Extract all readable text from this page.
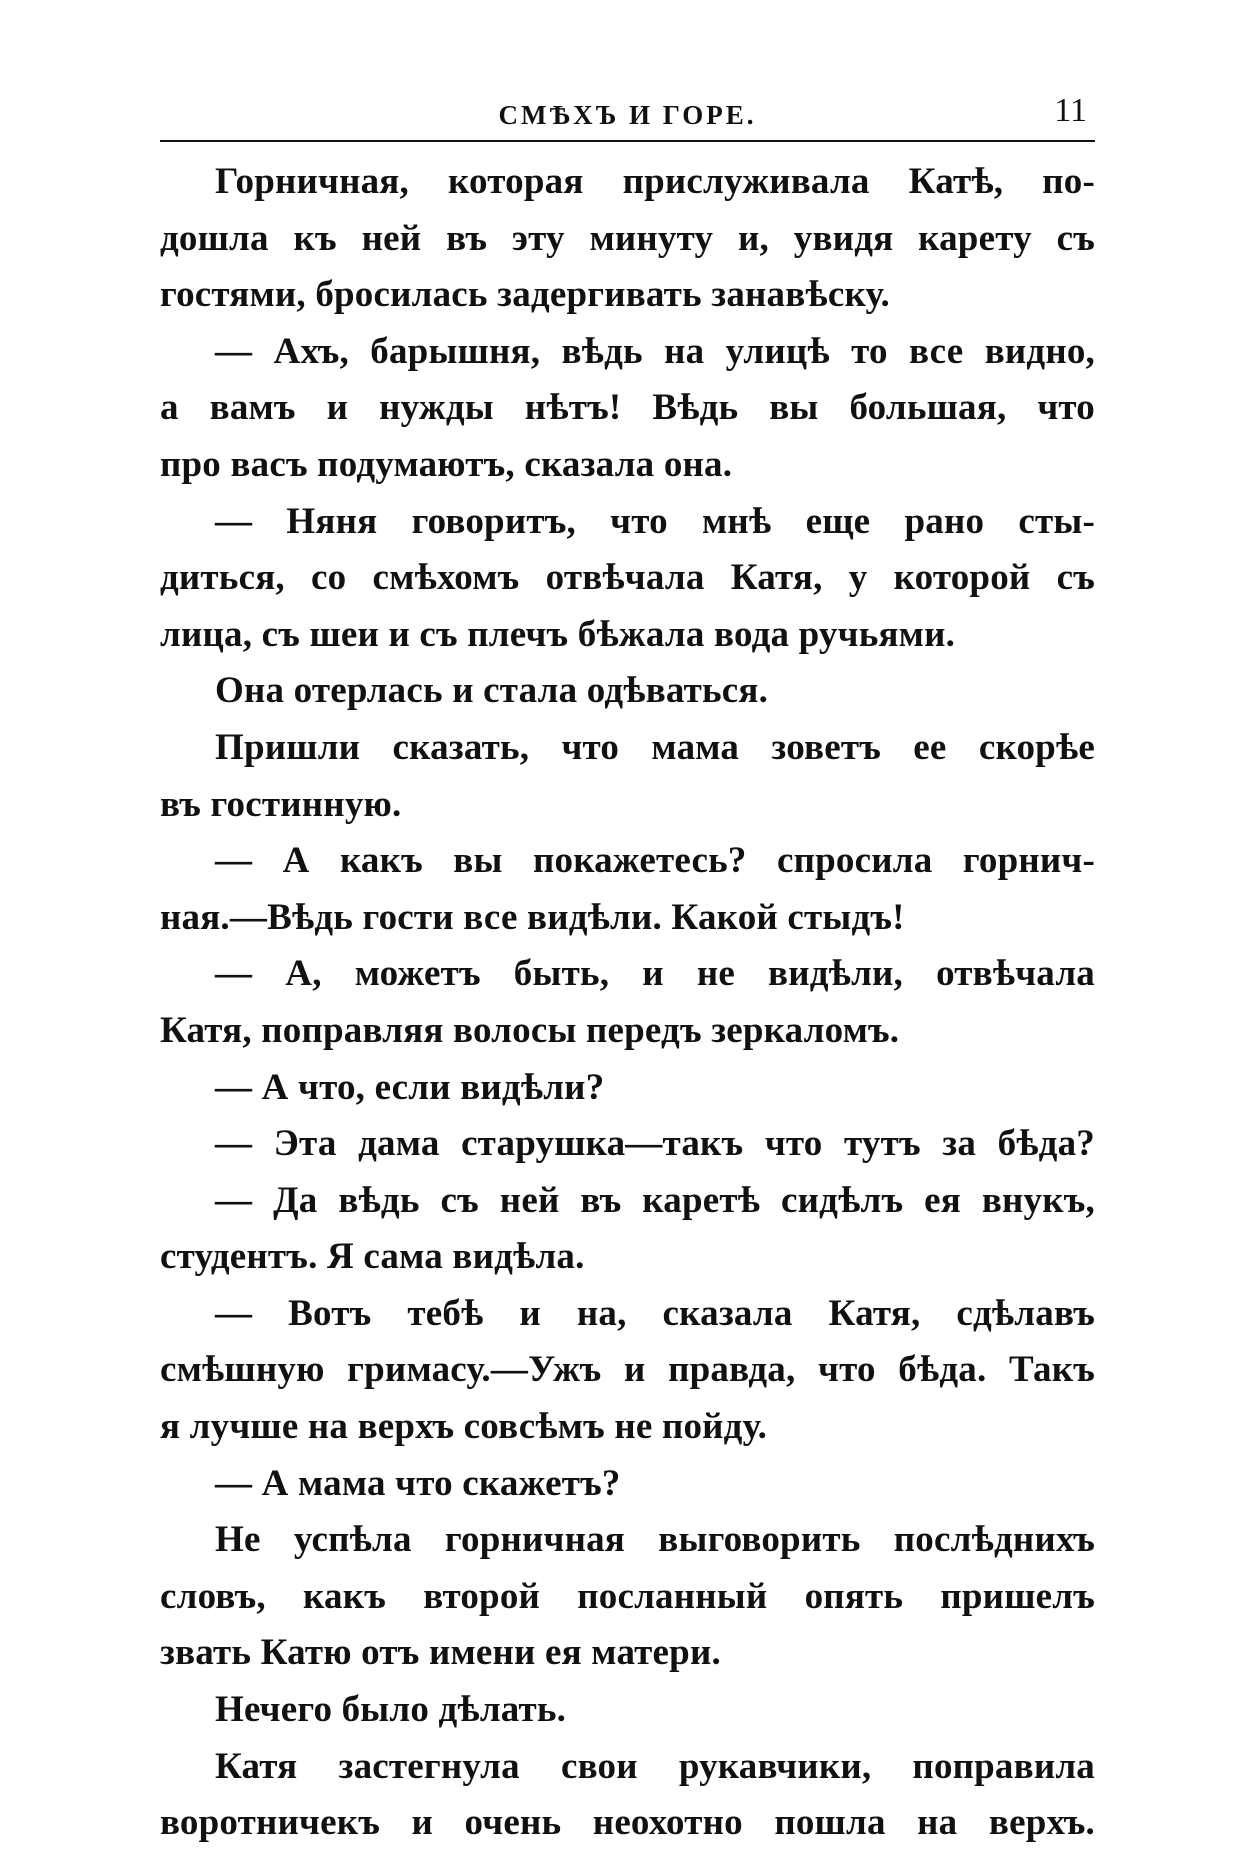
СМѢХЪ И ГОРЕ.	11
Горничная, которая прислуживала Катѣ, по-
дошла къ ней въ эту минуту и, увидя карету съ
гостями, бросилась задергивать занавѣску.
— Ахъ, барышня, вѣдь на улицѣ то все видно,
а вамъ и нужды нѣтъ! Вѣдь вы большая, что
про васъ подумаютъ, сказала она.
— Няня говоритъ, что мнѣ еще рано сты-
диться, со смѣхомъ отвѣчала Катя, у которой съ
лица, съ шеи и съ плечъ бѣжала вода ручьями.
Она отерлась и стала одѣваться.
Пришли сказать, что мама зоветъ ее скорѣе
въ гостинную.
— А какъ вы покажетесь? спросила горнич-
ная.—Вѣдь гости все видѣли. Какой стыдъ!
— А, можетъ быть, и не видѣли, отвѣчала
Катя, поправляя волосы передъ зеркаломъ.
— А что, если видѣли?
— Эта дама старушка—такъ что тутъ за бѣда?
— Да вѣдь съ ней въ каретѣ сидѣлъ ея внукъ,
студентъ. Я сама видѣла.
— Вотъ тебѣ и на, сказала Катя, сдѣлавъ
смѣшную гримасу.—Ужъ и правда, что бѣда. Такъ
я лучше на верхъ совсѣмъ не пойду.
— А мама что скажетъ?
Не успѣла горничная выговорить послѣднихъ
словъ, какъ второй посланный опять пришелъ
звать Катю отъ имени ея матери.
Нечего было дѣлать.
Катя застегнула свои рукавчики, поправила
воротничекъ и очень неохотно пошла на верхъ.
